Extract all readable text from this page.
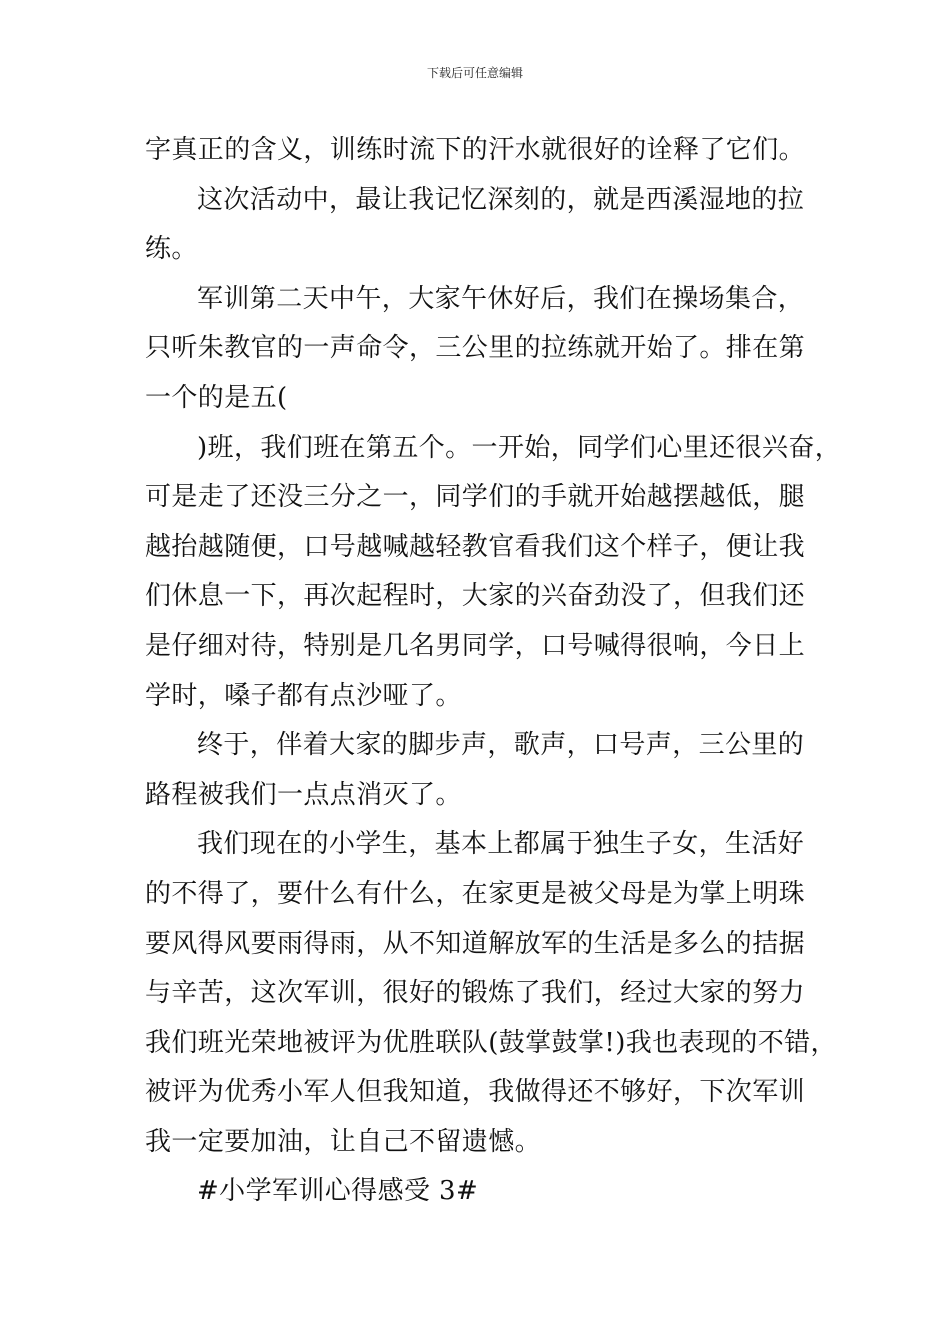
下载后可任意编辑
字真正的含义，训练时流下的汗水就很好的诠释了它们。
这次活动中，最让我记忆深刻的，就是西溪湿地的拉
练。
军训第二天中午，大家午休好后，我们在操场集合，
只听朱教官的一声命令，三公里的拉练就开始了。排在第
一个的是五(
)班，我们班在第五个。一开始，同学们心里还很兴奋，
可是走了还没三分之一，同学们的手就开始越摆越低，腿
越抬越随便，口号越喊越轻教官看我们这个样子，便让我
们休息一下，再次起程时，大家的兴奋劲没了，但我们还
是仔细对待，特别是几名男同学，口号喊得很响，今日上
学时，嗓子都有点沙哑了。
终于，伴着大家的脚步声，歌声，口号声，三公里的
路程被我们一点点消灭了。
我们现在的小学生，基本上都属于独生子女，生活好
的不得了，要什么有什么，在家更是被父母是为掌上明珠
要风得风要雨得雨，从不知道解放军的生活是多么的拮据
与辛苦，这次军训，很好的锻炼了我们，经过大家的努力
我们班光荣地被评为优胜联队(鼓掌鼓掌!)我也表现的不错，
被评为优秀小军人但我知道，我做得还不够好，下次军训
我一定要加油，让自己不留遗憾。
#小学军训心得感受 3#
